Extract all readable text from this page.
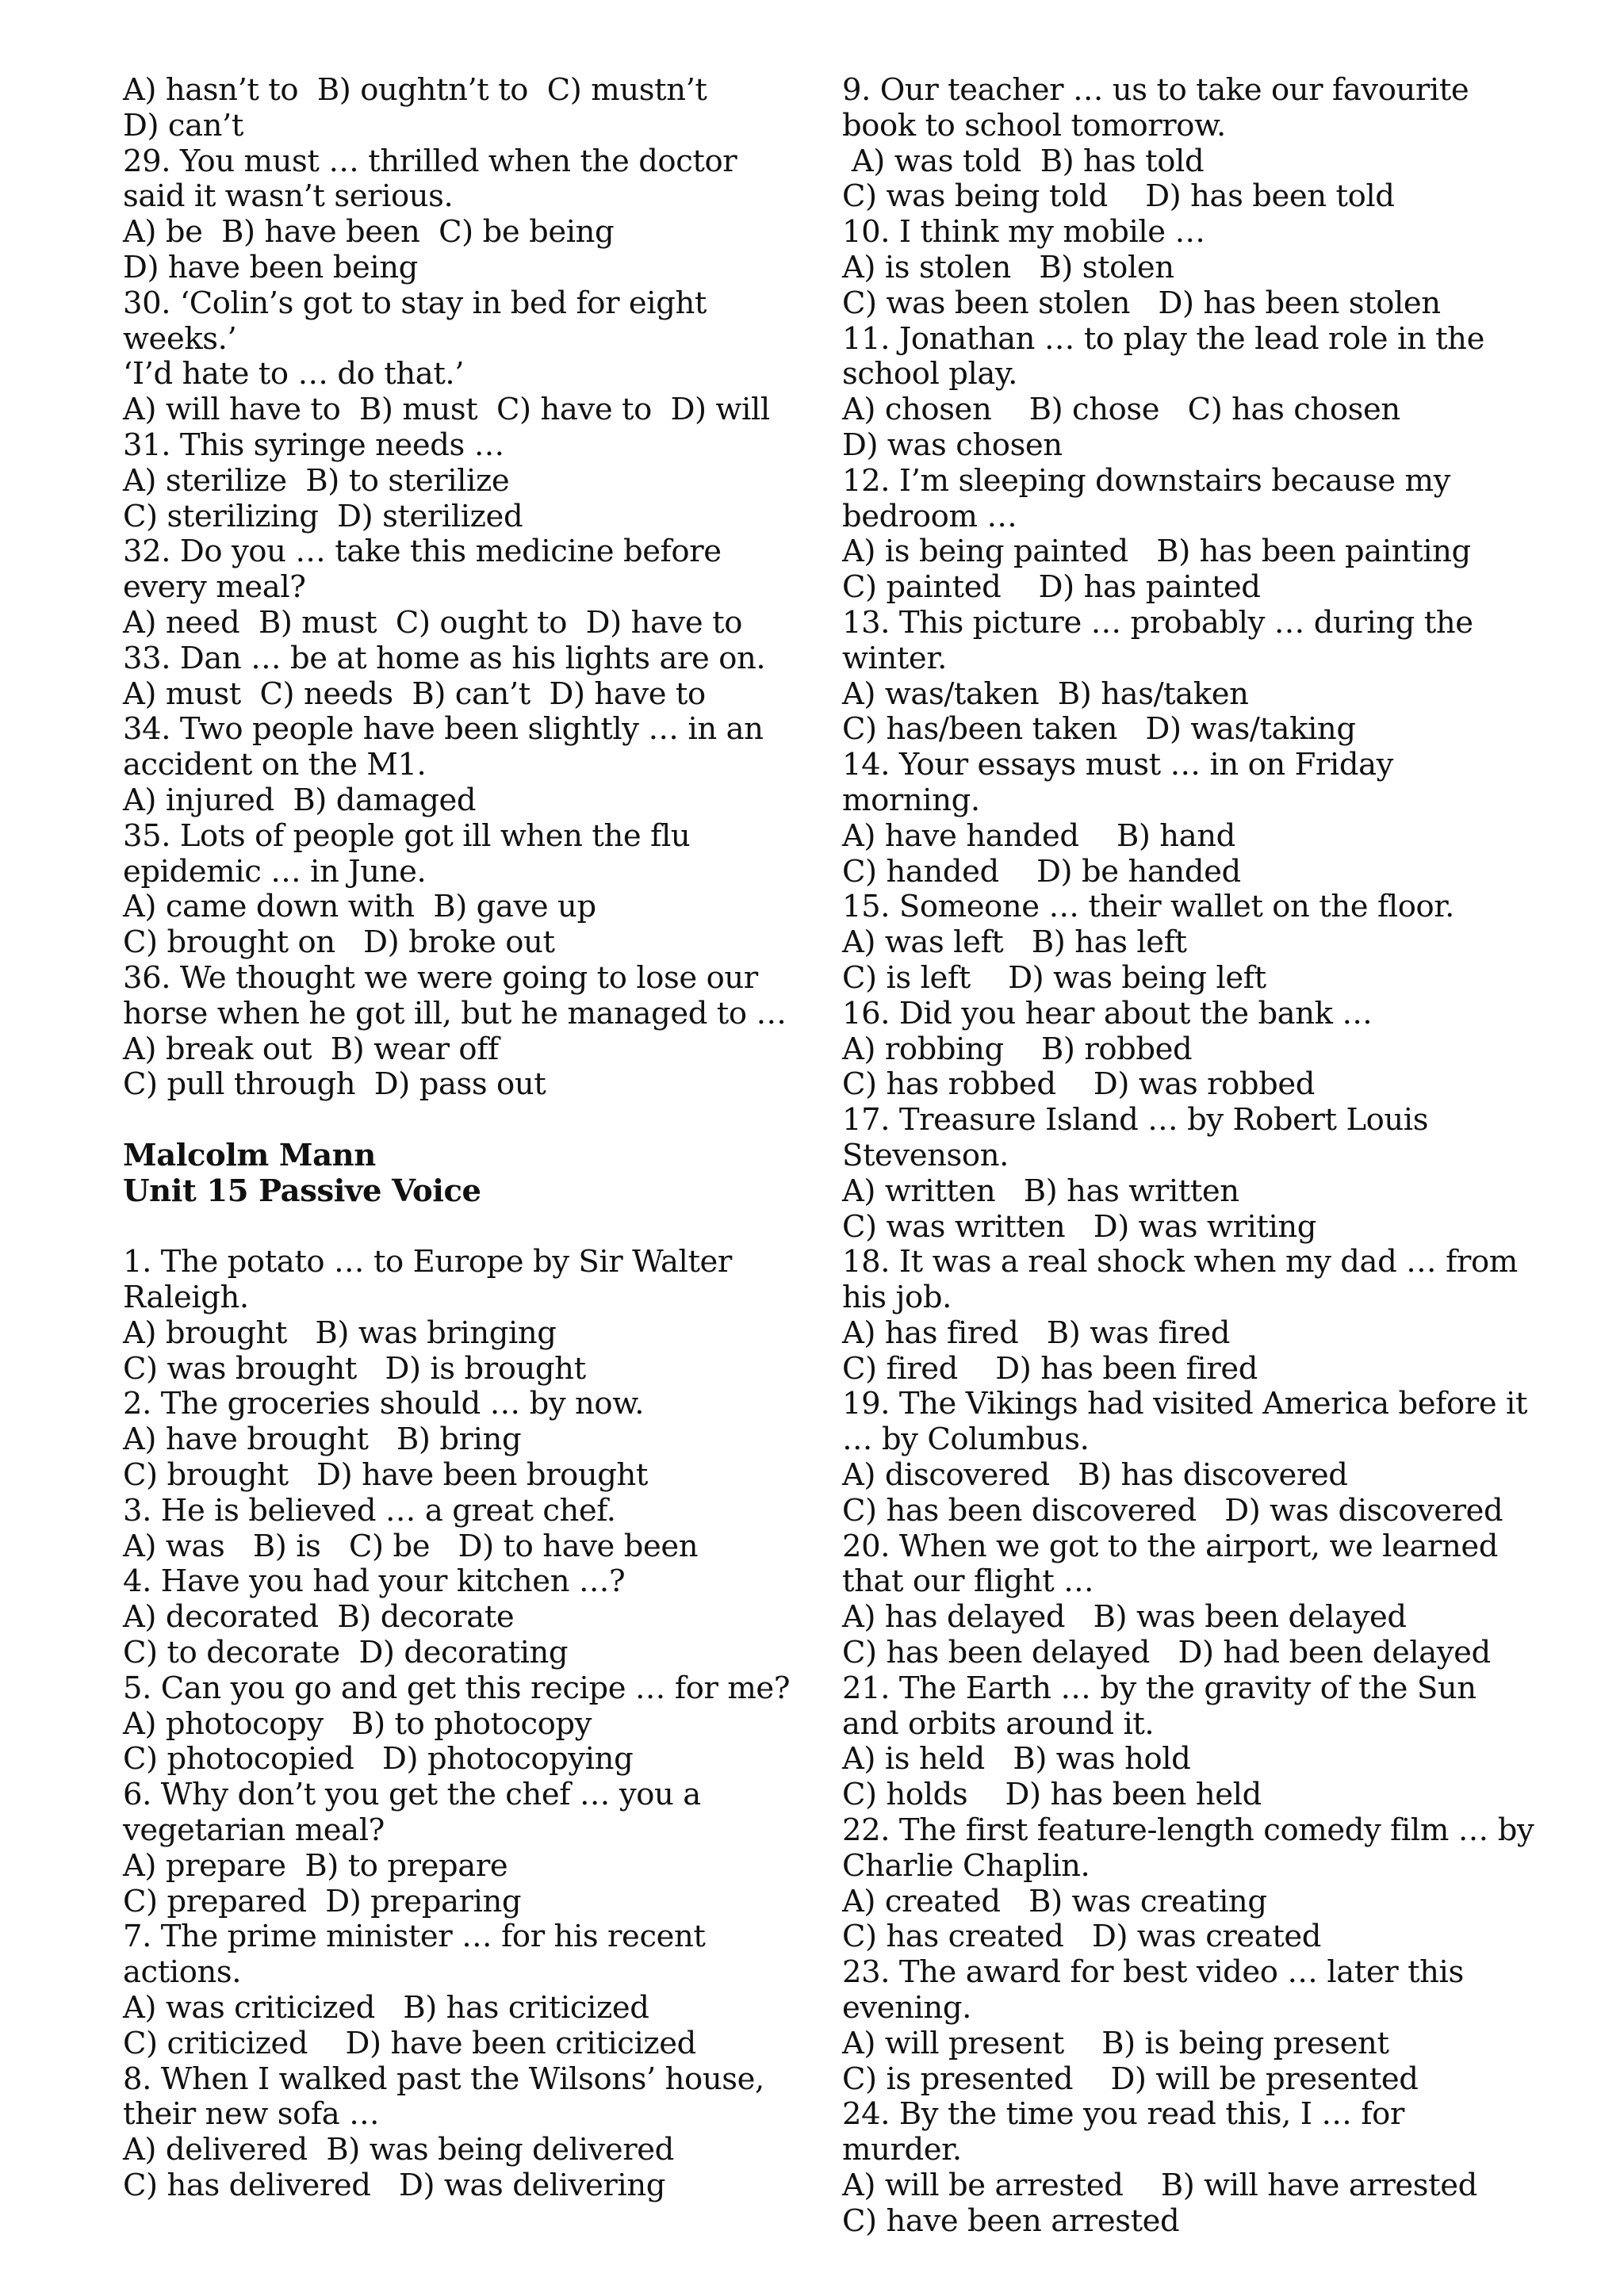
A) hasn’t to  B) oughtn’t to  C) mustn’t
D) can’t
29. You must … thrilled when the doctor
said it wasn’t serious.
A) be  B) have been  C) be being
D) have been being
30. ‘Colin’s got to stay in bed for eight
weeks.’
‘I’d hate to … do that.’
A) will have to  B) must  C) have to  D) will
31. This syringe needs …
A) sterilize  B) to sterilize
C) sterilizing  D) sterilized
32. Do you … take this medicine before
every meal?
A) need  B) must  C) ought to  D) have to
33. Dan … be at home as his lights are on.
A) must  C) needs  B) can’t  D) have to
34. Two people have been slightly … in an
accident on the M1.
A) injured  B) damaged
35. Lots of people got ill when the flu
epidemic … in June.
A) came down with  B) gave up
C) brought on   D) broke out
36. We thought we were going to lose our
horse when he got ill, but he managed to …
A) break out  B) wear off
C) pull through  D) pass out
Malcolm Mann
Unit 15 Passive Voice
1. The potato … to Europe by Sir Walter
Raleigh.
A) brought   B) was bringing
C) was brought   D) is brought
2. The groceries should … by now.
A) have brought   B) bring
C) brought   D) have been brought
3. He is believed … a great chef.
A) was   B) is   C) be   D) to have been
4. Have you had your kitchen …?
A) decorated  B) decorate
C) to decorate  D) decorating
5. Can you go and get this recipe … for me?
A) photocopy   B) to photocopy
C) photocopied   D) photocopying
6. Why don’t you get the chef … you a
vegetarian meal?
A) prepare  B) to prepare
C) prepared  D) preparing
7. The prime minister … for his recent
actions.
A) was criticized   B) has criticized
C) criticized    D) have been criticized
8. When I walked past the Wilsons’ house,
their new sofa …
A) delivered  B) was being delivered
C) has delivered   D) was delivering
9. Our teacher … us to take our favourite
book to school tomorrow.
A) was told  B) has told
C) was being told    D) has been told
10. I think my mobile …
A) is stolen   B) stolen
C) was been stolen   D) has been stolen
11. Jonathan … to play the lead role in the
school play.
A) chosen    B) chose   C) has chosen
D) was chosen
12. I’m sleeping downstairs because my
bedroom …
A) is being painted   B) has been painting
C) painted    D) has painted
13. This picture … probably … during the
winter.
A) was/taken  B) has/taken
C) has/been taken   D) was/taking
14. Your essays must … in on Friday
morning.
A) have handed    B) hand
C) handed    D) be handed
15. Someone … their wallet on the floor.
A) was left   B) has left
C) is left    D) was being left
16. Did you hear about the bank …
A) robbing    B) robbed
C) has robbed    D) was robbed
17. Treasure Island … by Robert Louis
Stevenson.
A) written   B) has written
C) was written   D) was writing
18. It was a real shock when my dad … from
his job.
A) has fired   B) was fired
C) fired    D) has been fired
19. The Vikings had visited America before it
… by Columbus.
A) discovered   B) has discovered
C) has been discovered   D) was discovered
20. When we got to the airport, we learned
that our flight …
A) has delayed   B) was been delayed
C) has been delayed   D) had been delayed
21. The Earth … by the gravity of the Sun
and orbits around it.
A) is held   B) was hold
C) holds    D) has been held
22. The first feature-length comedy film … by
Charlie Chaplin.
A) created   B) was creating
C) has created   D) was created
23. The award for best video … later this
evening.
A) will present    B) is being present
C) is presented    D) will be presented
24. By the time you read this, I … for
murder.
A) will be arrested    B) will have arrested
C) have been arrested
